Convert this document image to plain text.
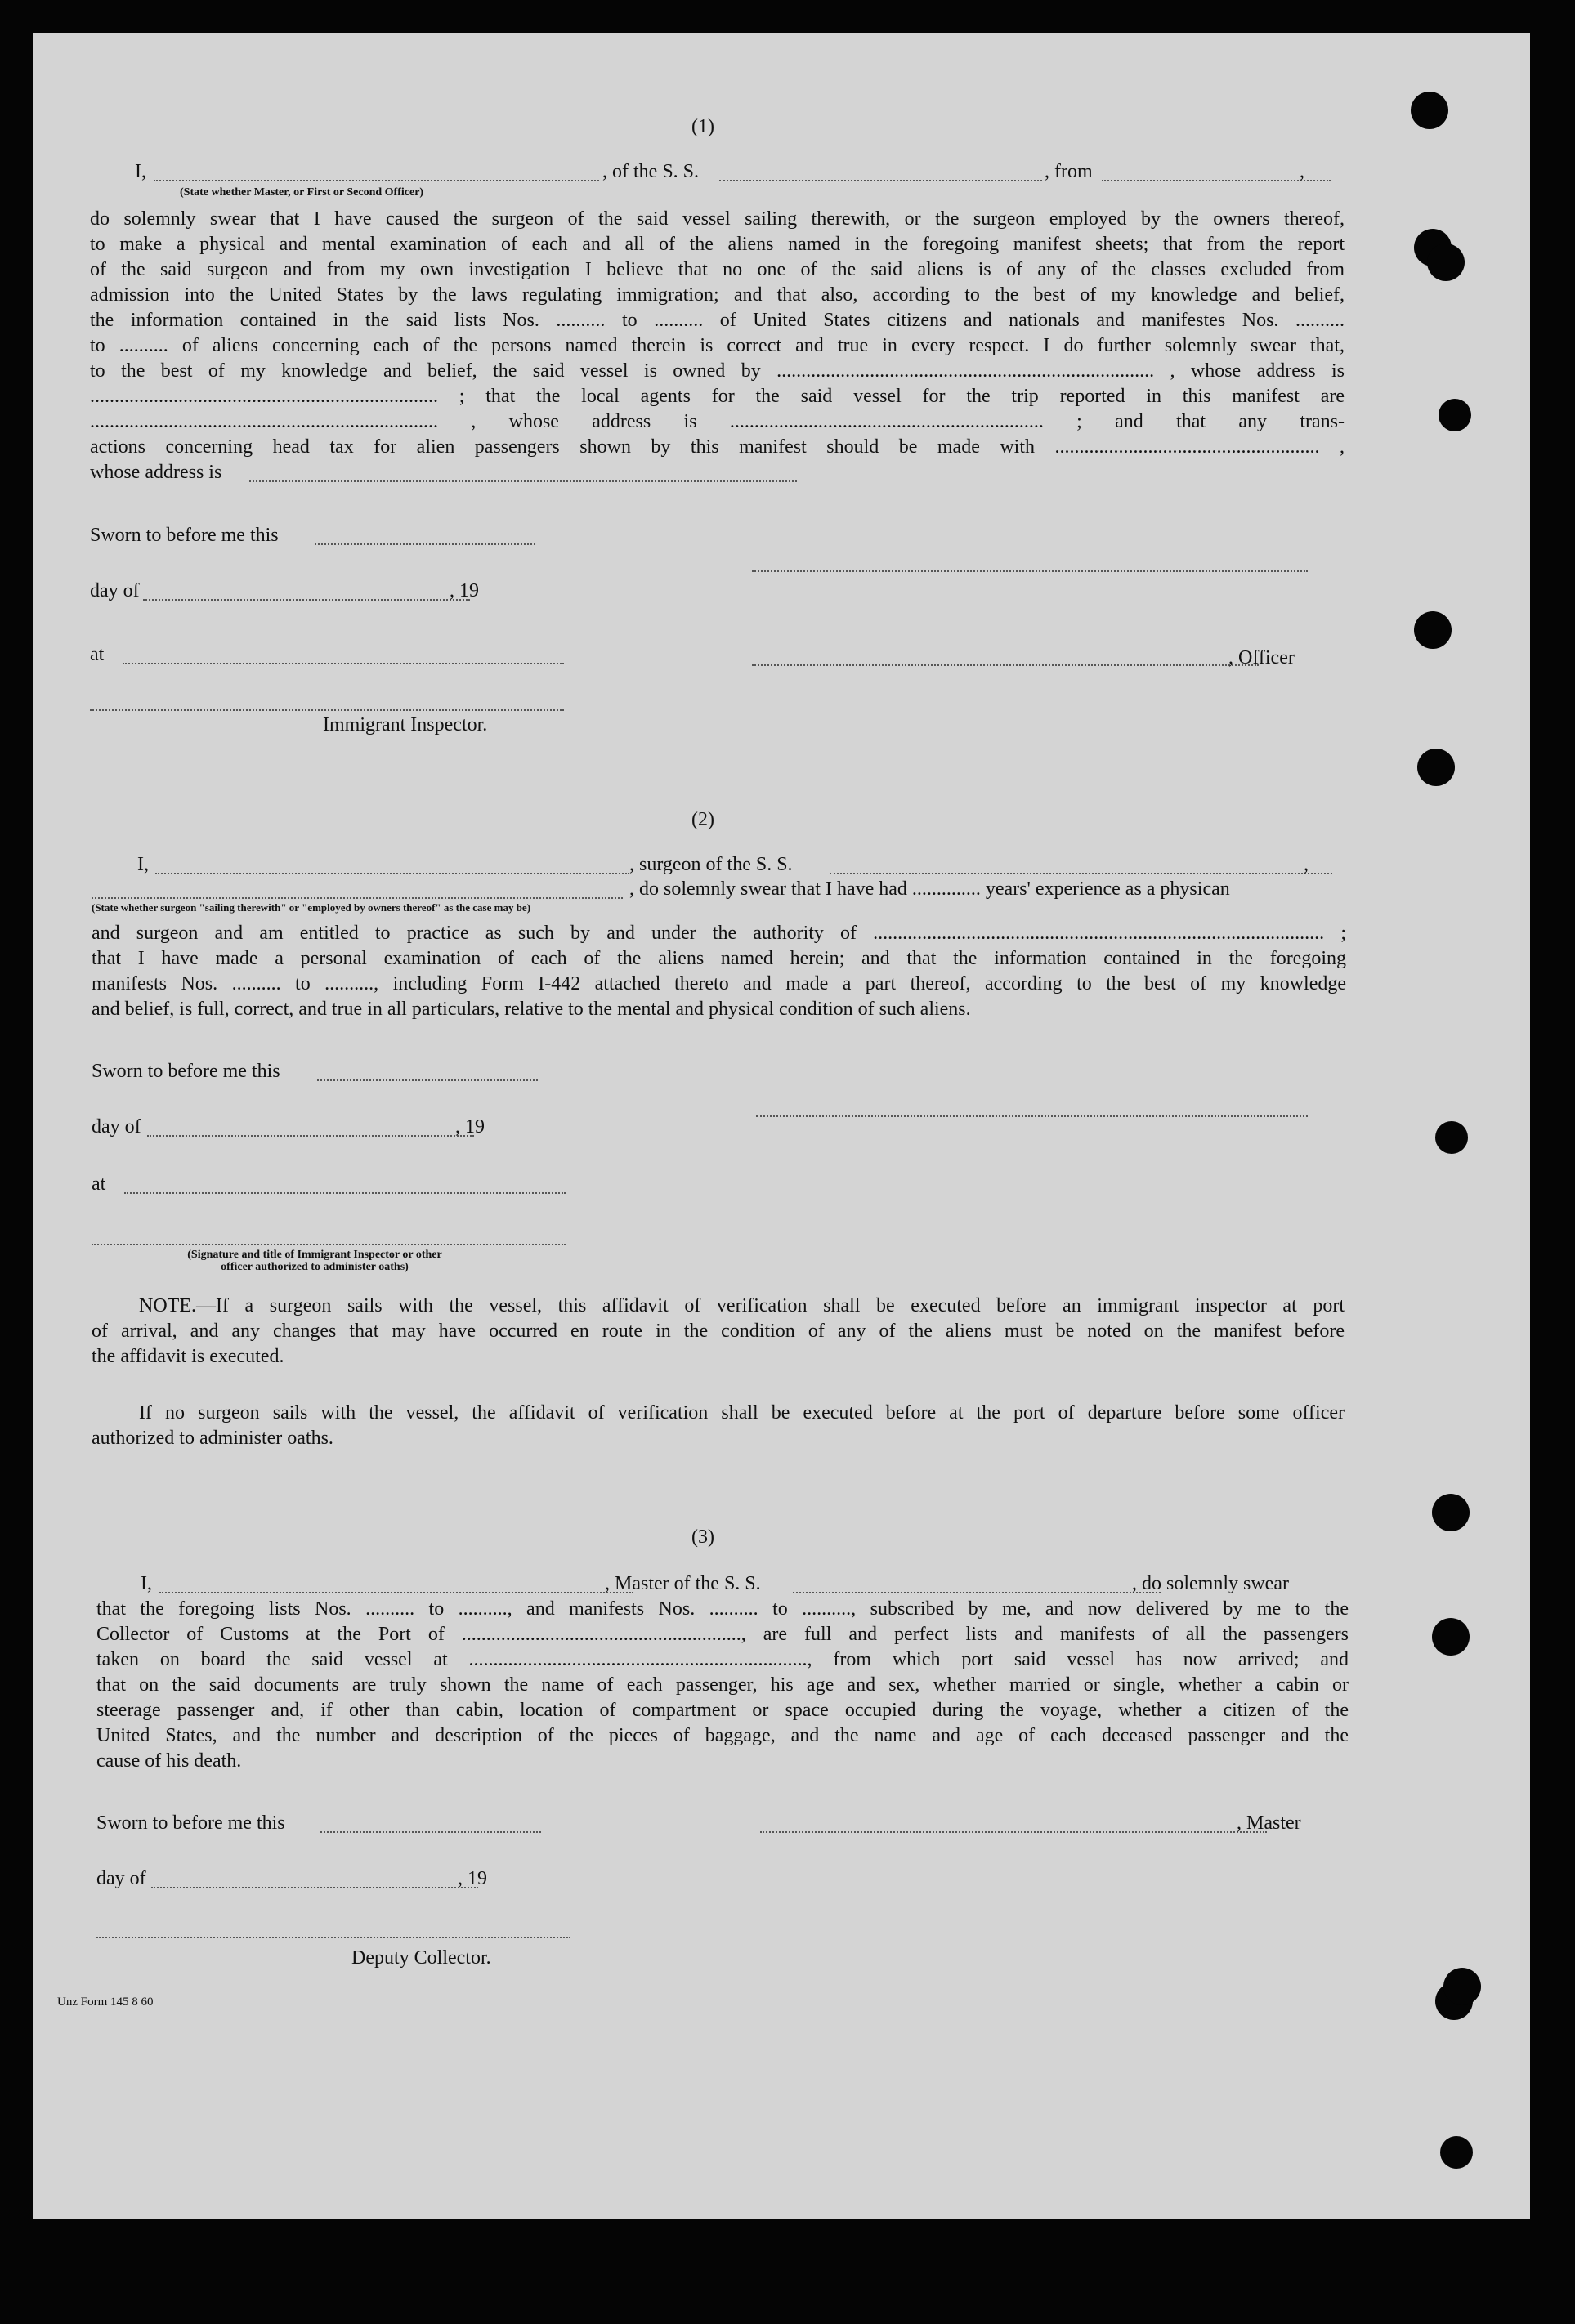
(1)
I,	, of the S. S.	, from	,
(State whether Master, or First or Second Officer)
do solemnly swear that I have caused the surgeon of the said vessel sailing therewith, or the surgeon employed by the owners thereof,
to make a physical and mental examination of each and all of the aliens named in the foregoing manifest sheets; that from the report
of the said surgeon and from my own investigation I believe that no one of the said aliens is of any of the classes excluded from
admission into the United States by the laws regulating immigration; and that also, according to the best of my knowledge and belief,
the information contained in the said lists Nos. .......... to .......... of United States citizens and nationals and manifestes Nos. ..........
to .......... of aliens concerning each of the persons named therein is correct and true in every respect. I do further solemnly swear that,
to the best of my knowledge and belief, the said vessel is owned by ............................................................................. , whose address is
....................................................................... ; that the local agents for the said vessel for the trip reported in this manifest are
....................................................................... , whose address is ................................................................ ; and that any trans-
actions concerning head tax for alien passengers shown by this manifest should be made with ...................................................... ,
whose address is
Sworn to before me this
day of	, 19
at	, Officer
Immigrant Inspector.
(2)
I,	, surgeon of the S. S.	,
, do solemnly swear that I have had .............. years' experience as a physican
(State whether surgeon "sailing therewith" or "employed by owners thereof" as the case may be)
and surgeon and am entitled to practice as such by and under the authority of ............................................................................................ ;
that I have made a personal examination of each of the aliens named herein; and that the information contained in the foregoing
manifests Nos. .......... to .........., including Form I-442 attached thereto and made a part thereof, according to the best of my knowledge
and belief, is full, correct, and true in all particulars, relative to the mental and physical condition of such aliens.
Sworn to before me this
day of	, 19
at
(Signature and title of Immigrant Inspector or other
officer authorized to administer oaths)
NOTE.—If a surgeon sails with the vessel, this affidavit of verification shall be executed before an immigrant inspector at port
of arrival, and any changes that may have occurred en route in the condition of any of the aliens must be noted on the manifest before
the affidavit is executed.
If no surgeon sails with the vessel, the affidavit of verification shall be executed before at the port of departure before some officer
authorized to administer oaths.
(3)
I,	, Master of the S. S.	, do solemnly swear
that the foregoing lists Nos. .......... to .........., and manifests Nos. .......... to .........., subscribed by me, and now delivered by me to the
Collector of Customs at the Port of ........................................................., are full and perfect lists and manifests of all the passengers
taken on board the said vessel at ....................................................................., from which port said vessel has now arrived; and
that on the said documents are truly shown the name of each passenger, his age and sex, whether married or single, whether a cabin or
steerage passenger and, if other than cabin, location of compartment or space occupied during the voyage, whether a citizen of the
United States, and the number and description of the pieces of baggage, and the name and age of each deceased passenger and the
cause of his death.
Sworn to before me this	, Master
day of	, 19
Deputy Collector.
Unz Form 145 8 60
